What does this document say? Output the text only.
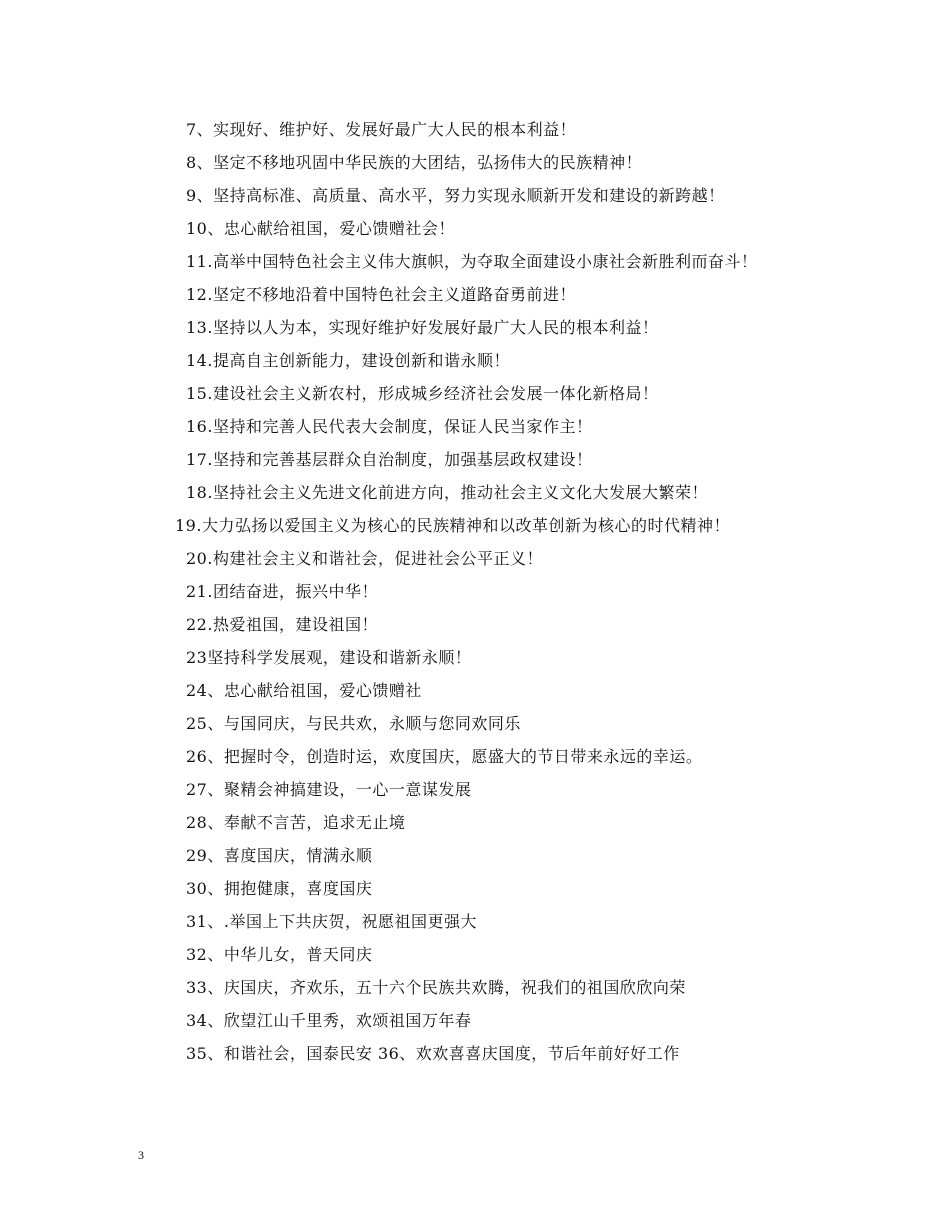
7、实现好、维护好、发展好最广大人民的根本利益！
8、坚定不移地巩固中华民族的大团结，弘扬伟大的民族精神！
9、坚持高标准、高质量、高水平，努力实现永顺新开发和建设的新跨越！
10、忠心献给祖国，爱心馈赠社会！
11.高举中国特色社会主义伟大旗帜，为夺取全面建设小康社会新胜利而奋斗！
12.坚定不移地沿着中国特色社会主义道路奋勇前进！
13.坚持以人为本，实现好维护好发展好最广大人民的根本利益！
14.提高自主创新能力，建设创新和谐永顺！
15.建设社会主义新农村，形成城乡经济社会发展一体化新格局！
16.坚持和完善人民代表大会制度，保证人民当家作主！
17.坚持和完善基层群众自治制度，加强基层政权建设！
18.坚持社会主义先进文化前进方向，推动社会主义文化大发展大繁荣！
19.大力弘扬以爱国主义为核心的民族精神和以改革创新为核心的时代精神！
20.构建社会主义和谐社会，促进社会公平正义！
21.团结奋进，振兴中华！
22.热爱祖国，建设祖国！
23坚持科学发展观，建设和谐新永顺！
24、忠心献给祖国，爱心馈赠社
25、与国同庆，与民共欢，永顺与您同欢同乐
26、把握时令，创造时运，欢度国庆，愿盛大的节日带来永远的幸运。
27、聚精会神搞建设，一心一意谋发展
28、奉献不言苦，追求无止境
29、喜度国庆，情满永顺
30、拥抱健康，喜度国庆
31、.举国上下共庆贺，祝愿祖国更强大
32、中华儿女，普天同庆
33、庆国庆，齐欢乐，五十六个民族共欢腾，祝我们的祖国欣欣向荣
34、欣望江山千里秀，欢颂祖国万年春
35、和谐社会，国泰民安 36、欢欢喜喜庆国度，节后年前好好工作
3
